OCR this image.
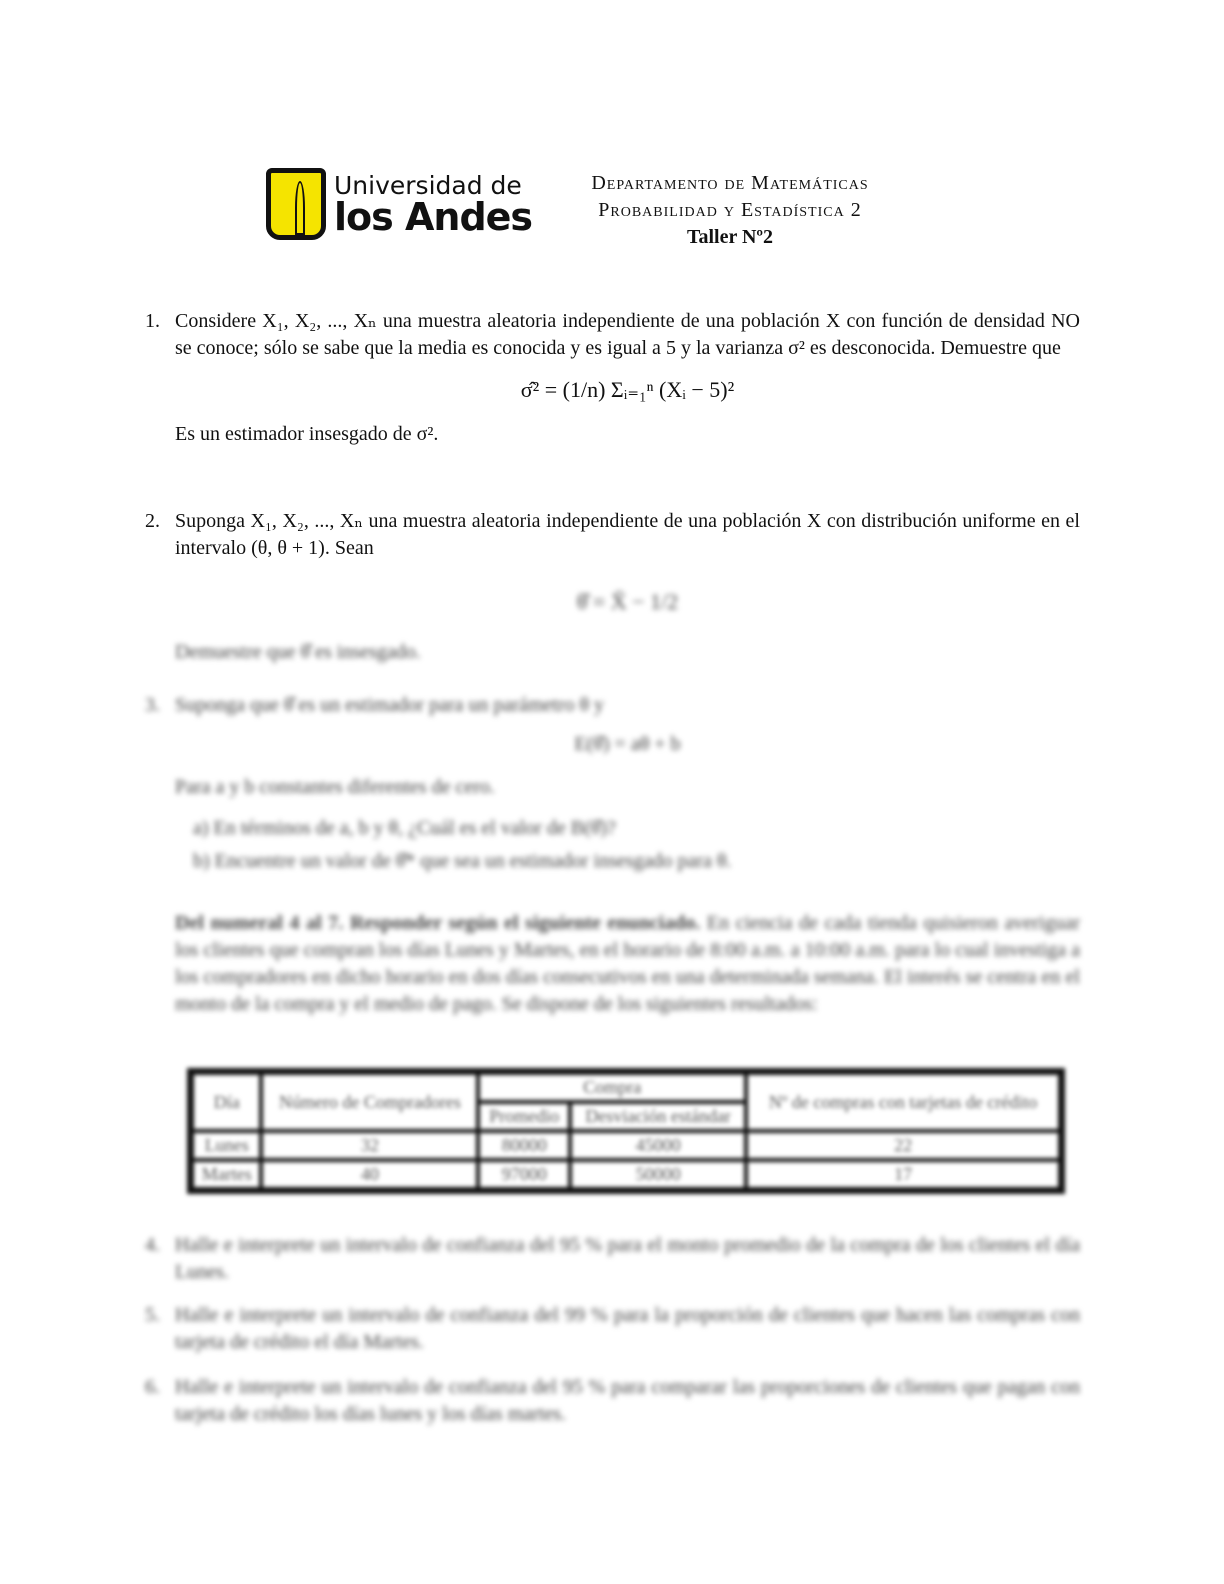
Universidad de
los Andes
Departamento de Matemáticas
Probabilidad y Estadística 2
Taller Nº2
1. Considere X₁, X₂, ..., Xₙ una muestra aleatoria independiente de una población X con función de densidad NO se conoce; sólo se sabe que la media es conocida y es igual a 5 y la varianza σ² es desconocida. Demuestre que
σ̂² = (1/n) Σᵢ₌₁ⁿ (Xᵢ − 5)²
Es un estimador insesgado de σ².
2. Suponga X₁, X₂, ..., Xₙ una muestra aleatoria independiente de una población X con distribución uniforme en el intervalo (θ, θ + 1). Sean
θ̂ = X̄ − 1/2
Demuestre que θ̂ es insesgado.
3. Suponga que θ̂ es un estimador para un parámetro θ y
E(θ̂) = aθ + b
Para a y b constantes diferentes de cero.
a) En términos de a, b y θ, ¿Cuál es el valor de B(θ̂)?
b) Encuentre un valor de θ̂* que sea un estimador insesgado para θ.
Del numeral 4 al 7. Responder según el siguiente enunciado. En ciencia de cada tienda quisieron averiguar los clientes que compran los días Lunes y Martes, en el horario de 8:00 a.m. a 10:00 a.m. para lo cual investiga a los compradores en dicho horario en dos días consecutivos en una determinada semana. El interés se centra en el monto de la compra y el medio de pago. Se dispone de los siguientes resultados:
Día	Número de Compradores	Compra		Nº de compras con tarjetas de crédito
		Promedio	Desviación estándar	
Lunes	32	80000	45000	22
Martes	40	97000	50000	17
4. Halle e interprete un intervalo de confianza del 95 % para el monto promedio de la compra de los clientes el día Lunes.
5. Halle e interprete un intervalo de confianza del 99 % para la proporción de clientes que hacen las compras con tarjeta de crédito el día Martes.
6. Halle e interprete un intervalo de confianza del 95 % para comparar las proporciones de clientes que pagan con tarjeta de crédito los días lunes y los días martes.
